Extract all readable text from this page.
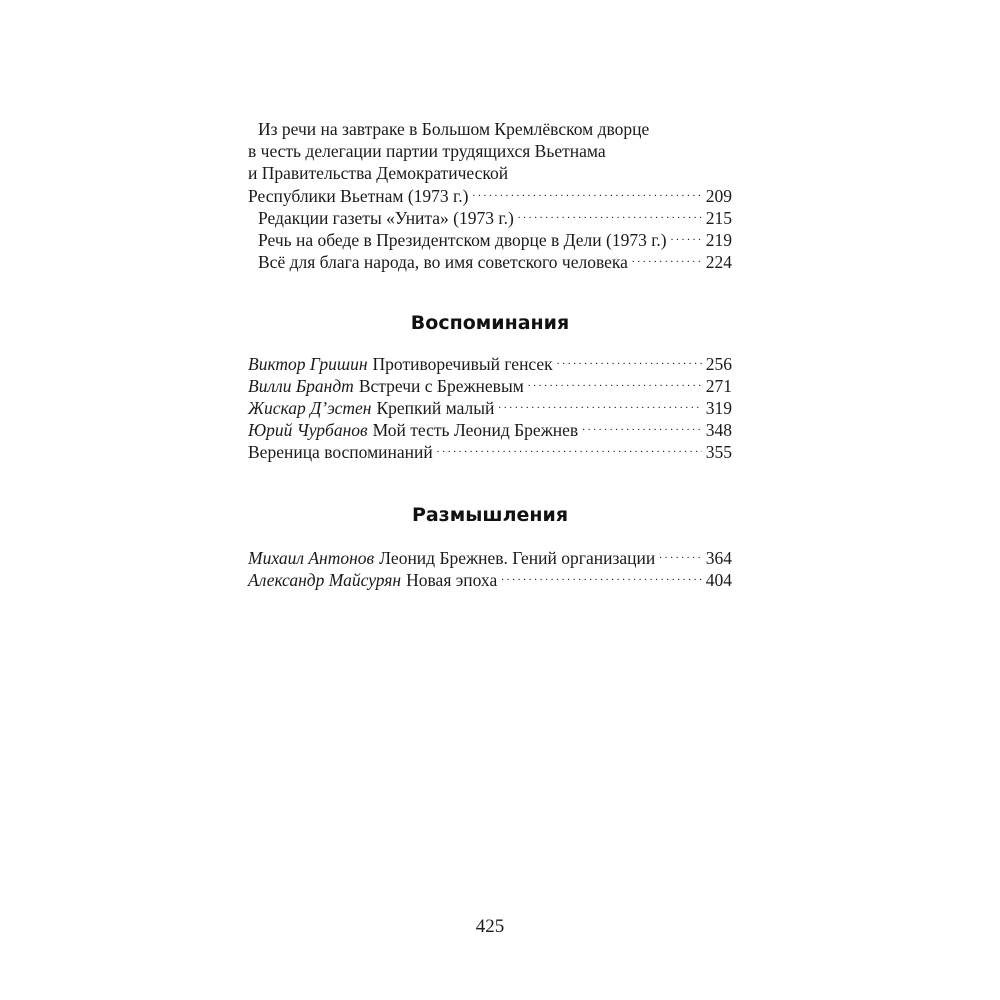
Из речи на завтраке в Большом Кремлёвском дворце
в честь делегации партии трудящихся Вьетнама
и Правительства Демократической
Республики Вьетнам (1973 г.) . . .	209
Редакции газеты «Унита» (1973 г.) . . .	215
Речь на обеде в Президентском дворце в Дели (1973 г.) . . . 219
Всё для блага народа, во имя советского человека . . .	224
Воспоминания
Виктор Гришин Противоречивый генсек . . .	256
Вилли Брандт Встречи с Брежневым . . .	271
Жискар Д’эстен Крепкий малый . . .	319
Юрий Чурбанов Мой тесть Леонид Брежнев . . .	348
Вереница воспоминаний . . .	355
Размышления
Михаил Антонов Леонид Брежнев. Гений организации . . .	364
Александр Майсурян Новая эпоха . . .	404
425
